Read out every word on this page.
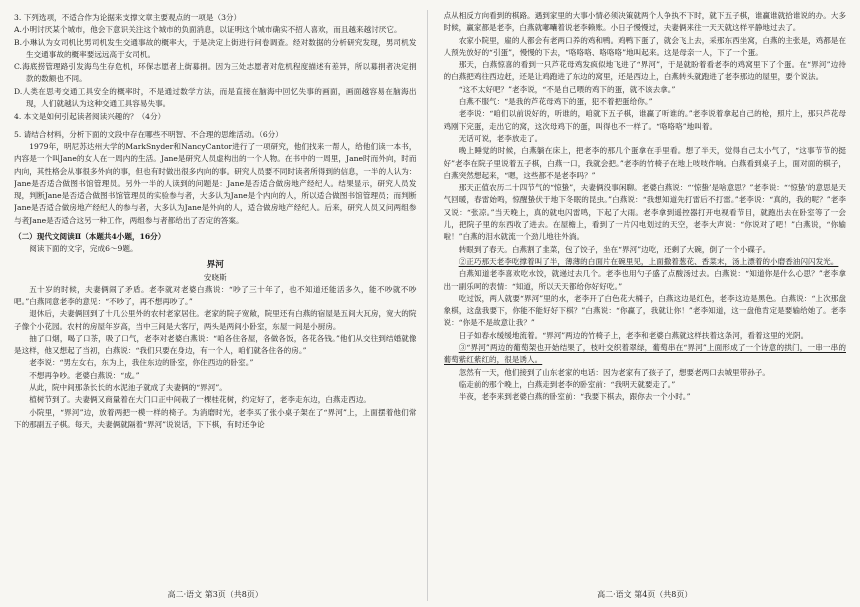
3. 下列选项，不适合作为论据来支撑文章主要观点的一项是（3分）

A.小明讨厌某个城市，他会下意识关注这个城市的负面消息，以证明这个城市确实不招人喜欢，而且越来越讨厌它。
B.小琳认为女司机比男司机发生交通事故的概率大，于是决定上街进行问卷调查。经对数据的分析研究发现，男司机发生交通事故的概率要远远高于女司机。
C.海底捞管理路引发海鸟生存危机，环保志愿者上街募捐。因为三处志愿者对危机程度描述有差异，所以募捐者决定捐款的数额也不同。
D.人类在思考交通工具安全的概率时，不是通过数学方法，而是直接在脑海中回忆失事的画面，画面越容易在脑海出现，人们就越认为这种交通工具容易失事。

4. 本文是如何引起读者阅读兴趣的？（4分）

5. 请结合材料，分析下面的文段中存在哪些不明智、不合理的思维活动。（6分）

1979年，明尼苏达州大学的MarkSnyder和NancyCantor进行了一项研究，他们找来一帮人，给他们读一本书，内容是一个叫Jane的女人在一周内的生活。Jane是研究人员虚构出的一个人物。在书中的一周里，Jane时而外向，时而内向，其性格会从事很多外向的事，但也有时做出很多内向的事。研究人员要不同时读者所得到的信息，一半的人认为：Jane是否适合做图书馆管理员。另外一半的人读到的问题是：Jane是否适合做房地产经纪人。结果显示，研究人员发现，判断Jane是否适合做图书馆管理员的实验参与者，大多认为Jane是个内向的人，所以适合做图书馆管理员；而判断Jane是否适合做房地产经纪人的参与者，大多认为Jane是外向的人，适合做房地产经纪人。后来，研究人员又问两组参与者Jane是否适合这另一种工作，两组参与者都给出了否定的答案。

（二）现代文阅读Ⅱ（本题共4小题，16分）

阅读下面的文字，完成6～9题。

界河
安晓斯

五十岁的时候，夫妻俩闹了矛盾。老李就对老婆白燕说：“吵了三十年了，也不知道还能活多久，能不吵就不吵吧。”白燕同意老李的意见：“不吵了，再不想再吵了。”

退休后，夫妻俩回到了十几公里外的农村老家居住。老家的院子宽敞，院里还有白燕的宿屋是五间大瓦房，宽大的院子像个小花园。农村的房屋年岁高，当中三间是大客厅，两头是两间小卧室，东屋一间是小厨房。

抽了口烟，喝了口茶，吸了口气，老李对老婆白燕说：“咱各住各屋，各做各饭，各花各钱。”他们从交往到结婚就像是这样，他又想起了当初，白燕说：“我们只要在身边，有一个人，咱们就各住各的房。”

老李说：“男左女右，东为上，我住东边的卧室，你住西边的卧室。”

不想再争吵。老婆白燕说：“成。”

从此，院中间那条长长的水泥池子就成了夫妻俩的“界河”。

植树节到了。夫妻俩又商量着在大门口正中间栽了一棵桂花树，约定好了，老李走东边，白燕走西边。

小院里，“界河”边，放着两把一模一样的椅子。为消磨时光，老李买了张小桌子架在了“界河”上，上面摆着他们常下的那副五子棋。每天，夫妻俩就隔着“界河”说说话，下下棋，有时还争论

高二·语文 第3页（共8页）

点从相反方向看到的棋路。遇到家里的大事小情必须决策就两个人争执不下时，就下五子棋，谁赢谁就拾谁说的办。大多时候，赢家都是老李，白燕就嘟囔着说老李赖账。小日子慢慢过，夫妻俩来往一天天就这样平静地过去了。

农家小院里，雇的人都会有老两口养的鸡和鸭。鸡鸭下蛋了，就会飞上去，采那东西坐窝，白燕的主张是，鸡都是在人预先放好的“引蛋”，慢慢的下去，“咯咯咯、咯咯咯”地叫起来。这是母亲一人，下了一个蛋。

那天，白燕惊喜的看到一只芦花母鸡发疯似地飞进了“界河”，于是就盼着看老李的鸡窝里下了个蛋。在“界河”边待的白燕把鸡往西边赶，还是让鸡跑进了东边的窝里，还是西边上，白燕转头就跑进了老李那边的屋里，要个说法。

“这不太好吧？”老李说，“不是自己喂的鸡下的蛋，就不该去拿。”

白燕不服气：“是我的芦花母鸡下的蛋，犯不着把蛋给你。”

老李说：“咱们以前说好的，听谁的，咱就下五子棋，谁赢了听谁的。”老李说着拿起自己的枪，照片上，那只芦花母鸡刚下完蛋，走出它的窝，这次母鸡下的蛋，叫得也不一样了。“咯咯咯”地叫着。

无话可说，老李放走了。

晚上睡觉的时候，白燕躺在床上，把老李的那几个蛋拿在手里看。想了半天，觉得自己太小气了，“这事节节的挺好”老李在院子里说着五子棋，白燕一口，我就会把。”老李的竹椅子在地上吱吱作响。白燕看到桌子上，面对面的棋子，白燕突然想起来，“嗯，这些都不是老李吗？”

那天正值农历二十四节气的“惊蛰”，夫妻俩没事闲聊。老婆白燕说：“‘惊蛰’是啥意思？”老李说：“‘惊蛰’的意思是天气回暖，春雷始鸣，惊醒蛰伏于地下冬眠的昆虫。”白燕说：“我想知道先打雷后不打雷。”老李说：“真的，我的呢？”老李又说：“张凉。”当天晚上，真的就电闪雷鸣，下起了大雨。老李拿到遥控器打开电视看节目，就跑出去在卧室等了一会儿，把院子里的东西收了进去。在屋檐上，看到了一片闪电划过的天空，老李大声说：“你说对了吧！”白燕说，“你输啦！”白燕的泪水就流一个劲儿地往外淌。

转眼到了春天。白燕割了韭菜，包了饺子，坐在“界河”边吃，还剩了大碗，倒了一个小碟子。

②正巧那天老李吃撑着叫了半，薄薄的白面片在碗里见，上面撒着葱花、香菜末，汤上漂着的小磨香油闪闪发光。

白燕知道老李喜欢吃水饺，就递过去几个。老李也用勺子盛了点酸汤过去。白燕说：“知道你是什么心思？”老李拿出一副乐呵的表情：“知道，所以天天都给你好好吃。”

吃过饭，两人就要“界河”里的水，老李开了白色花大桶子，白燕这边是红色，老李这边是黑色。白燕说：“上次那盘象棋，这盘我要下，你能不能好好下棋？”白燕说：“你赢了，我就让你！”老李知道，这一盘他肯定是要输给她了。老李说：“你是不是故意让我？”

日子如春水缓缓地流着。“界河”两边的竹椅子上，老李和老婆白燕就这样扶着这条河，看着这里的光阴。

③“界河”两边的葡萄架也开始结果了，枝叶交织着翠绿，葡萄串在“界河”上面形成了一个诗意的拱门，一串一串的葡萄紫红紫红的，很是诱人。

忽然有一天，他们接到了山东老家的电话：因为老家有了孩子了，想要老两口去城里带孙子。

临走前的那个晚上，白燕走到老李的卧室前：“我明天就要走了。”

半夜，老李来到老婆白燕的卧室前：“我要下棋去，跟你去一个小时。”

高二·语文 第4页（共8页）
